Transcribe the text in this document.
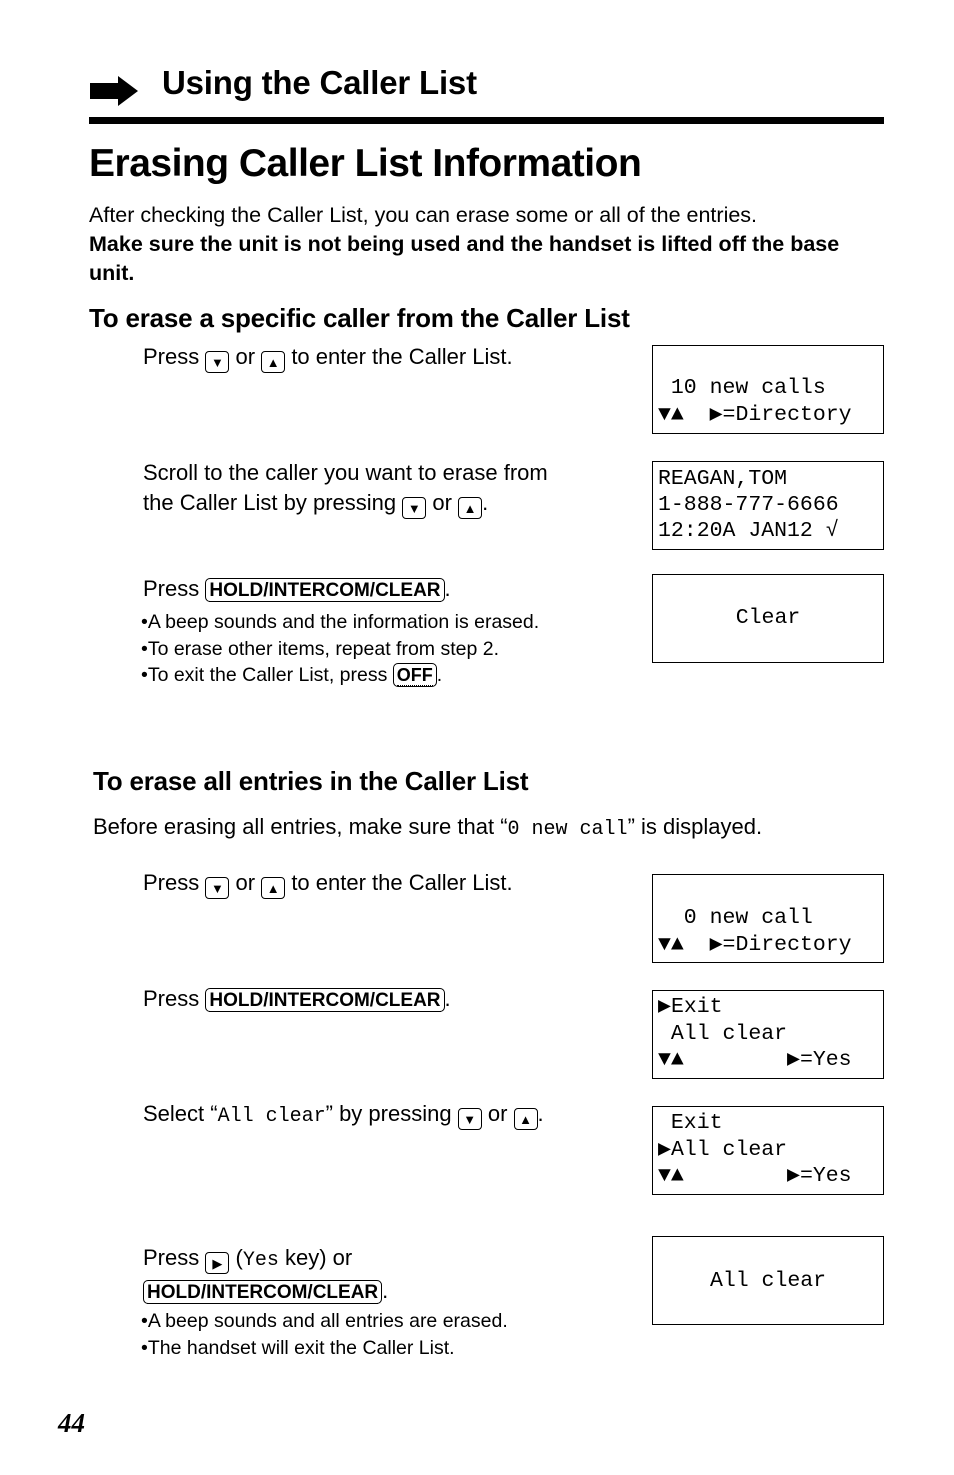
Using the Caller List
Erasing Caller List Information
After checking the Caller List, you can erase some or all of the entries.
Make sure the unit is not being used and the handset is lifted off the base unit.
To erase a specific caller from the Caller List
Press ▼ or ▲ to enter the Caller List.
Scroll to the caller you want to erase from
the Caller List by pressing ▼ or ▲ .
Press HOLD/INTERCOM/CLEAR .
•A beep sounds and the information is erased.
•To erase other items, repeat from step 2.
•To exit the Caller List, press OFF .

10 new calls

▼▲  ▶=Directory

REAGAN,TOM

1-888-777-6666

12:20A JAN12 √

Clear

To erase all entries in the Caller List
Before erasing all entries, make sure that “0 new call” is displayed.
Press ▼ or ▲ to enter the Caller List.
Press HOLD/INTERCOM/CLEAR .
Select “All clear” by pressing ▼ or ▲ .
Press ▶ (Yes key) or
HOLD/INTERCOM/CLEAR .
•A beep sounds and all entries are erased.
•The handset will exit the Caller List.

0 new call

▼▲  ▶=Directory

▶Exit

All clear

▼▲        ▶=Yes

Exit

▶All clear

▼▲        ▶=Yes

All clear

44
